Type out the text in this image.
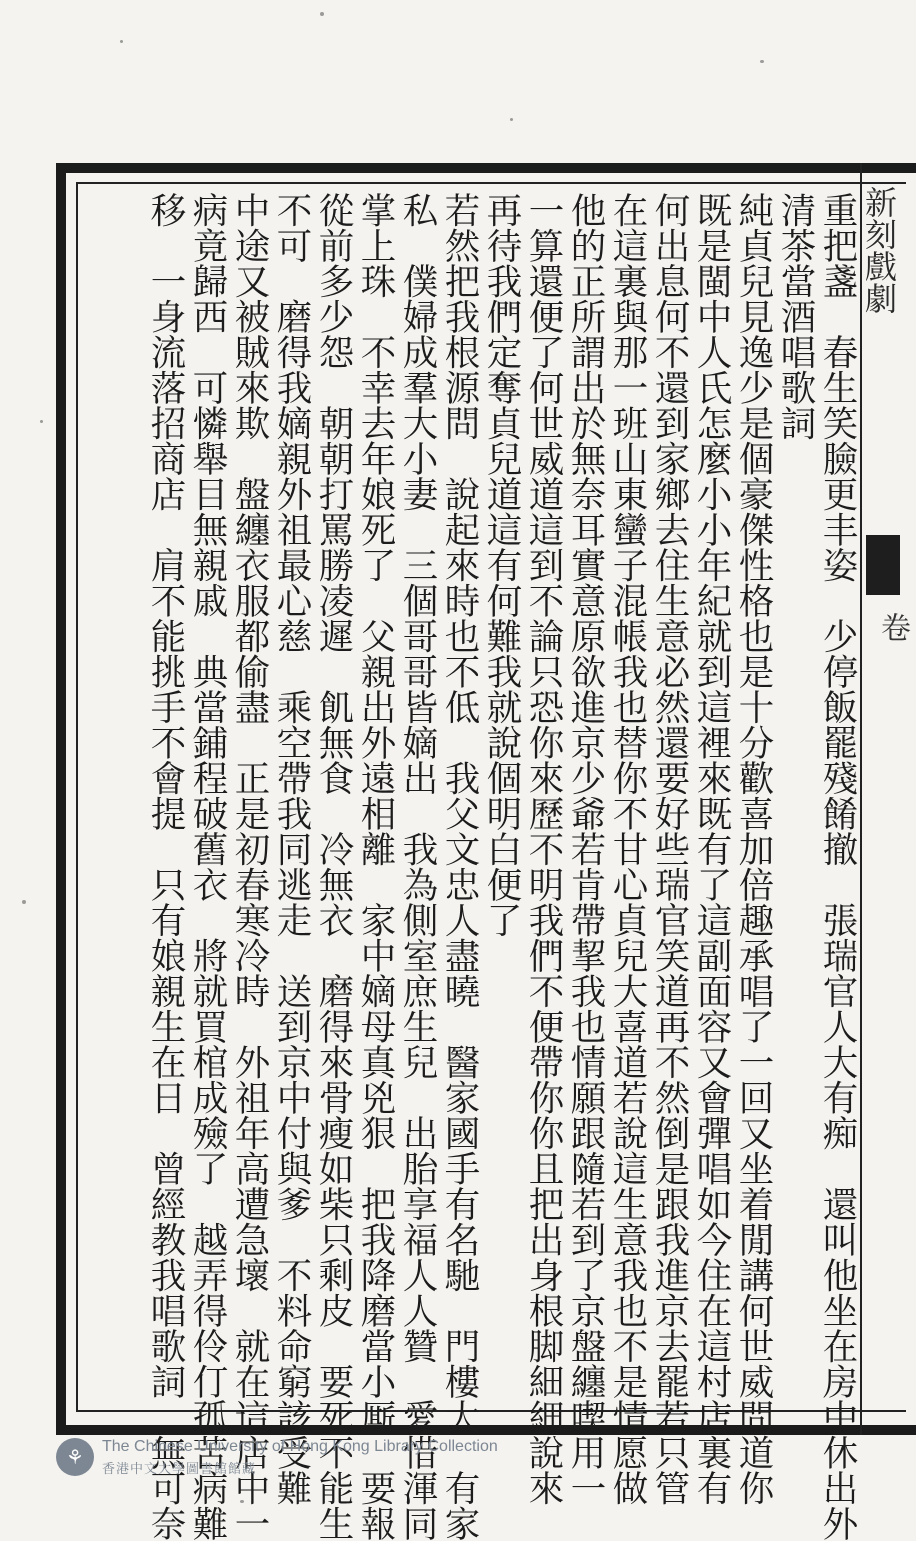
新刻戲劇
卷
重把盞　春生笑臉更丰姿　少停飯罷殘餚撤　張瑞官人大有痴　還叫他坐在房中休出外
清茶當酒唱歌詞
純貞兒見逸少是個豪傑性格也是十分歡喜加倍趣承唱了一回又坐着閒講何世威問道你
既是閩中人氏怎麼小小年紀就到這裡來既有了這副面容又會彈唱如今住在這村店裏有
何出息何不還到家鄉去住生意必然還要好些瑞官笑道再不然倒是跟我進京去罷若只管
在這裏與那一班山東蠻子混帳我也替你不甘心貞兒大喜道若說這生意我也不是情愿做
他的正所謂出於無奈耳實意原欲進京少爺若肯帶挈我也情願跟隨若到了京盤纏喫用一
一算還便了何世威道這到不論只恐你來歷不明我們不便帶你你且把出身根脚細細說來
再待我們定奪貞兒道這有何難我就說個明白便了
若然把我根源問　說起來時也不低　我父文忠人盡曉　醫家國手有名馳　門樓大　有家
私　僕婦成羣大小妻　三個哥哥皆嫡出　我為側室庶生兒　出胎享福人人贊　愛惜渾同
掌上珠　不幸去年娘死了　父親出外遠相離　家中嫡母真兇狠　把我降磨當小厮　要報
從前多少怨　朝朝打罵勝凌遲　飢無食　冷無衣　磨得來骨瘦如柴只剩皮　要死不能生
不可　磨得我嫡親外祖最心慈　乘空帶我同逃走　送到京中付與爹　不料命窮該受難
中途又被賊來欺　盤纏衣服都偷盡　正是初春寒冷時　外祖年高遭急壞　就在這店中一
病竟歸西　可憐舉目無親戚　典當鋪程破舊衣　將就買棺成殮了　越弄得伶仃孤苦病難
移　一身流落招商店　肩不能挑手不會提　只有娘親生在日　曾經教我唱歌詞　無可奈
⚘	The Chinese University of Hong Kong Library Collection
香港中文大學圖書館館藏
